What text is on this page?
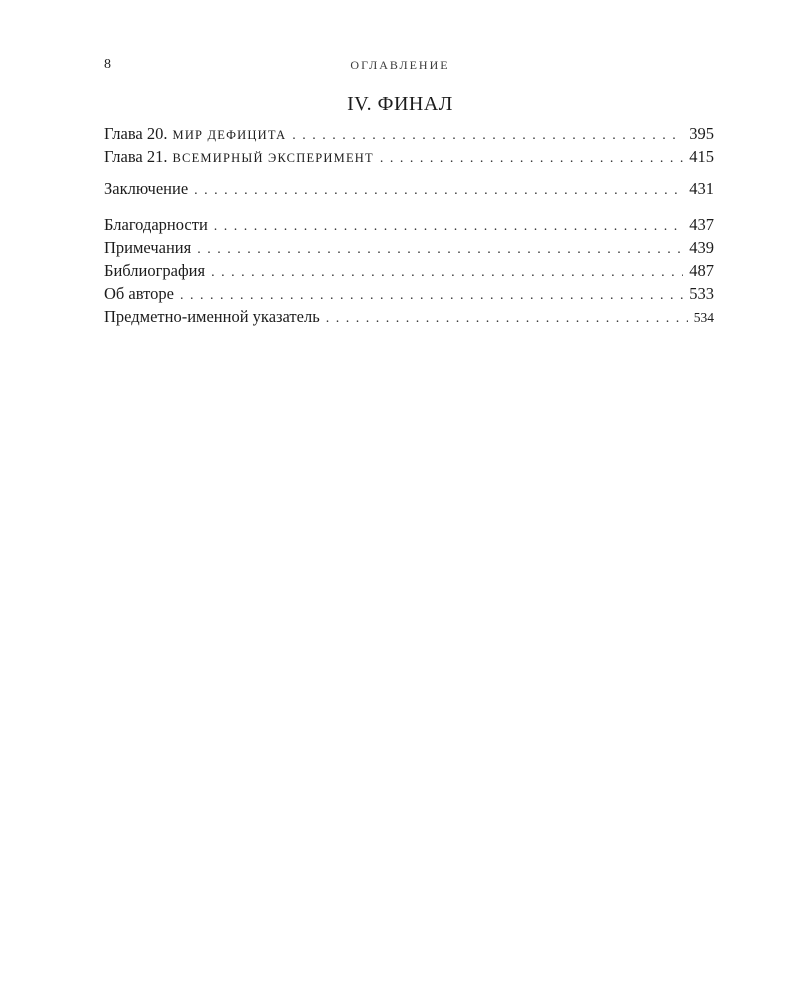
8	ОГЛАВЛЕНИЕ
IV. ФИНАЛ
Глава 20. МИР ДЕФИЦИТА . . .	395
Глава 21. ВСЕМИРНЫЙ ЭКСПЕРИМЕНТ . . .	415
Заключение . . .	431
Благодарности . . .	437
Примечания . . .	439
Библиография . . .	487
Об авторе . . .	533
Предметно-именной указатель . . .	534
